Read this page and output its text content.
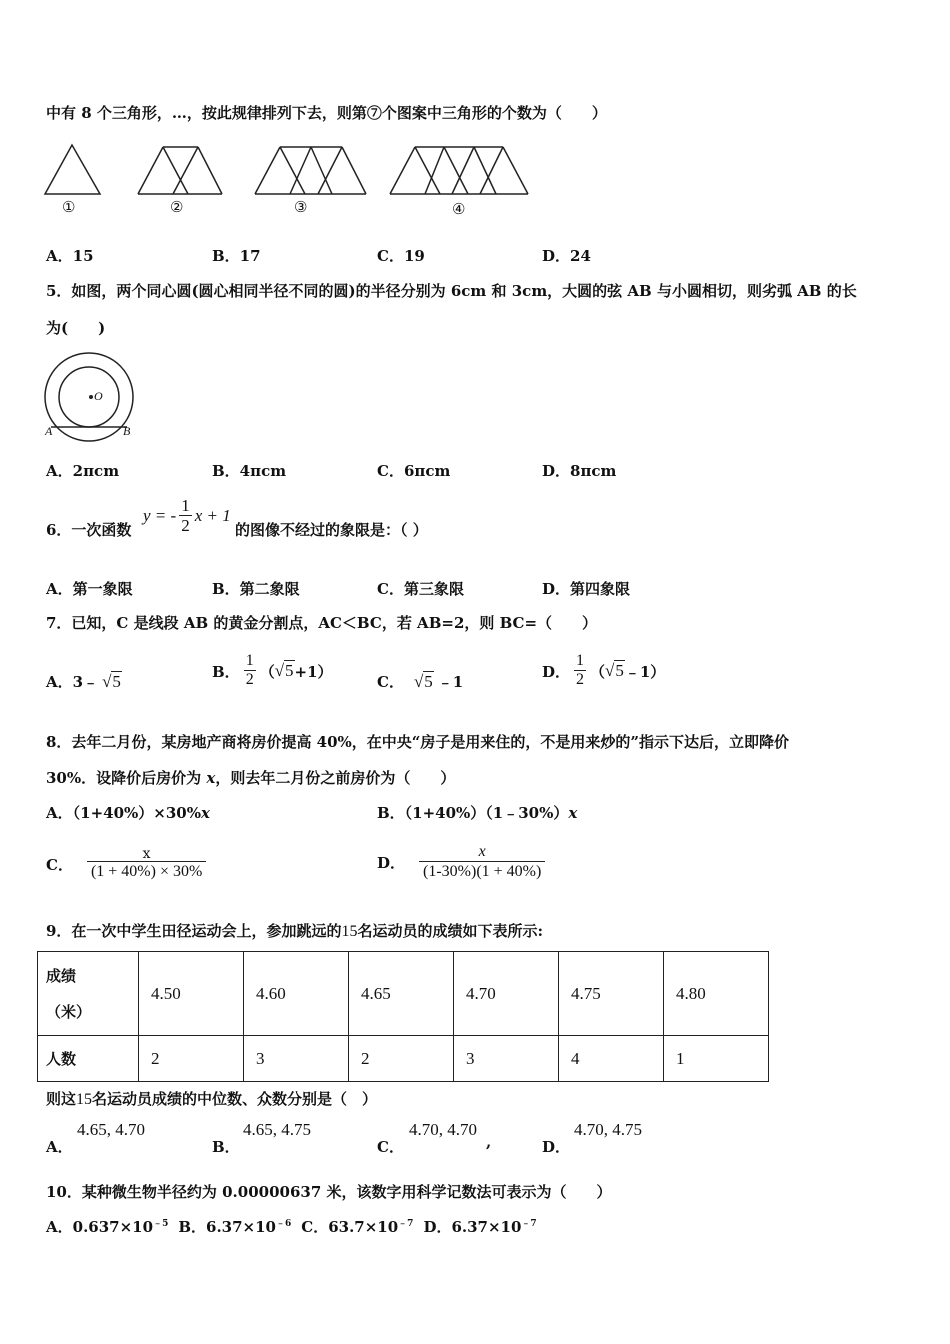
中有 8 个三角形，…，按此规律排列下去，则第⑦个图案中三角形的个数为（　　）
①	②	③	④
A．15	B．17	C．19	D．24
5．如图，两个同心圆(圆心相同半径不同的圆)的半径分别为 6cm 和 3cm，大圆的弦 AB 与小圆相切，则劣弧 AB 的长
为(　　)
O
A	B
A．2πcm	B．4πcm	C．6πcm	D．8πcm
6．一次函数
y = - $\frac{1}{2}$ x + 1
的图像不经过的象限是：（ ）
A．第一象限	B．第二象限	C．第三象限	D．第四象限
7．已知，C 是线段 AB 的黄金分割点，AC＜BC，若 AB=2，则 BC=（　　）
A．3﹣ √5	B． $\frac{1}{2}$ （ √5 +1）
C． √5 ﹣1
D． $\frac{1}{2}$ （ √5 ﹣1）
8．去年二月份，某房地产商将房价提高 40%，在中央“房子是用来住的，不是用来炒的”指示下达后，立即降价
30%．设降价后房价为 x，则去年二月份之前房价为（　　）
A．（1+40%）×30%x	B．（1+40%）（1﹣30%）x
C． $\frac{x}{(1 + 40\%) \times 30\%}$	D． $\frac{x}{(1-30\%)(1 + 40\%)}$
9．在一次中学生田径运动会上，参加跳远的15名运动员的成绩如下表所示:
成绩
（米）	4.50	4.60	4.65	4.70	4.75	4.80
人数	2	3	2	3	4	1
则这15名运动员成绩的中位数、众数分别是（　）
A．
4.65, 4.70
B．
4.65, 4.75
C．
4.70, 4.70
,	D．
4.70, 4.75
10．某种微生物半径约为 0.00000637 米，该数字用科学记数法可表示为（　　）
A．$0.637\times 10^{﹣5}$ B．$6.37\times 10^{﹣6}$ C．$63.7\times 10^{﹣7}$ D．$6.37\times 10^{﹣7}$
